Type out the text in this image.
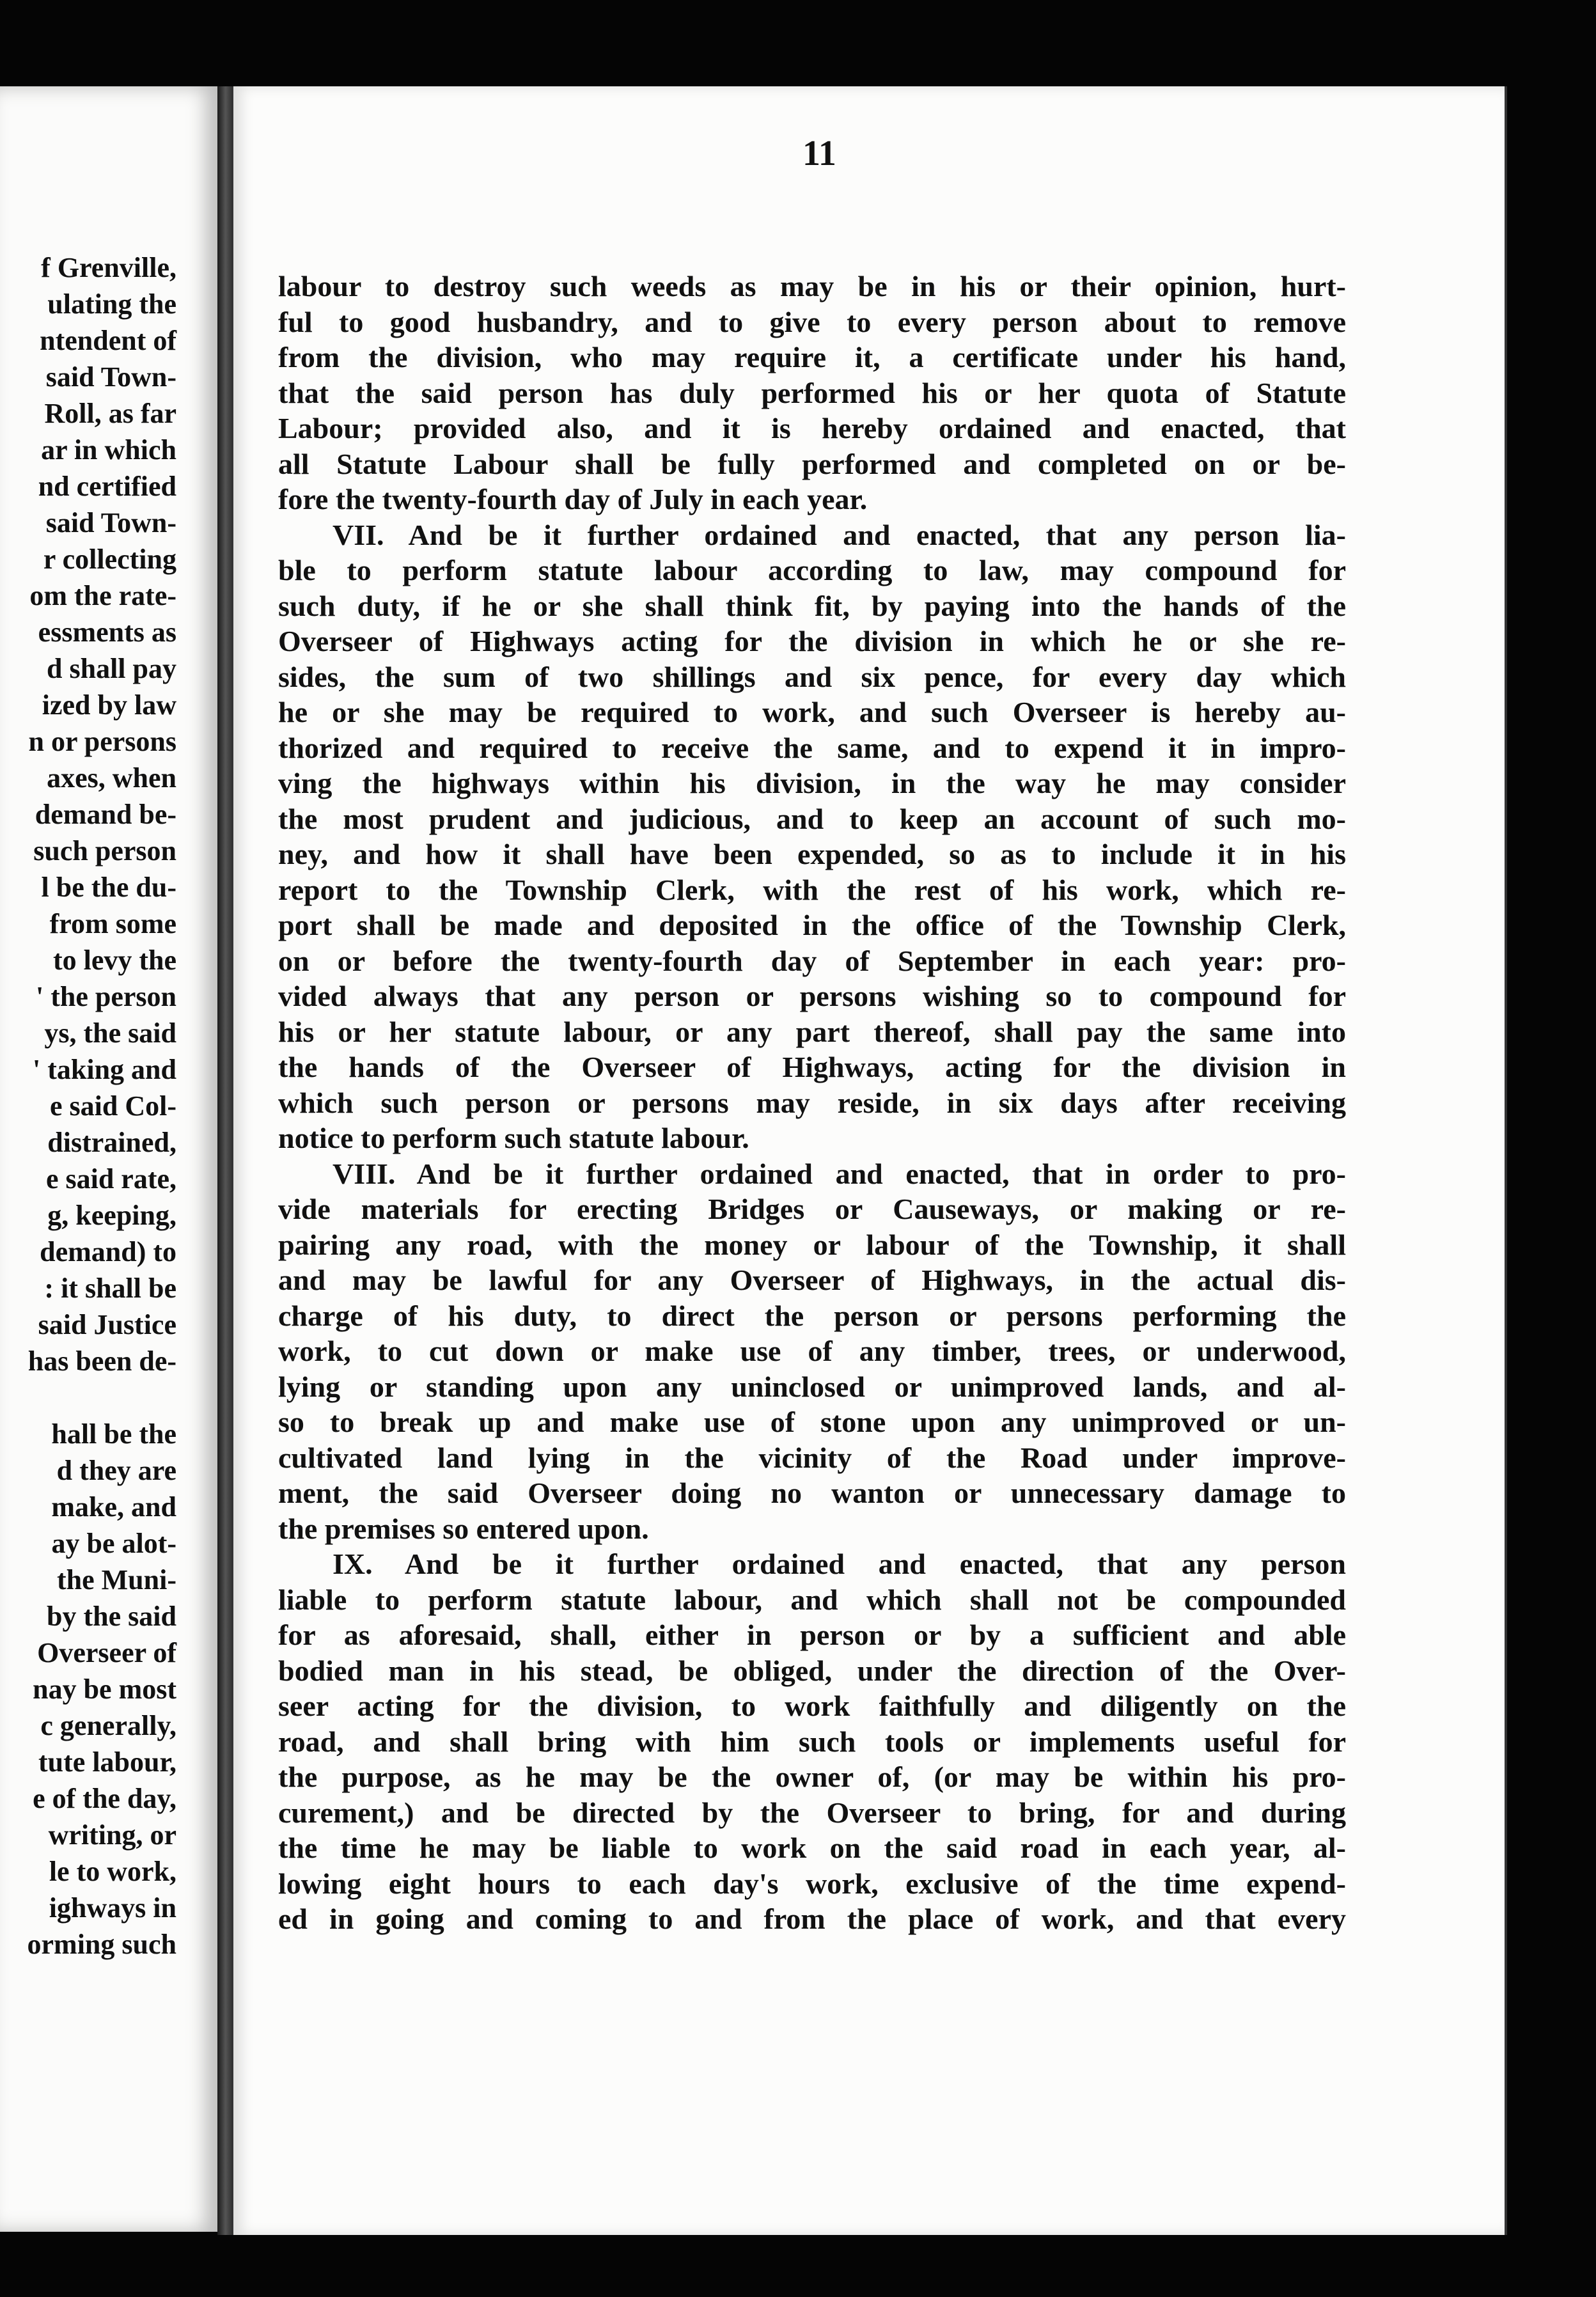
f Grenville,
ulating the
ntendent of
said Town-
Roll, as far
ar in which
nd certified
said Town-
r collecting
om the rate-
essments as
d shall pay
ized by law
n or persons
axes, when
demand be-
such person
l be the du-
from some
to levy the
' the person
ys, the said
' taking and
e said Col-
distrained,
e said rate,
g, keeping,
demand) to
: it shall be
said Justice
has been de-
hall be the
d they are
make, and
ay be alot-
the Muni-
by the said
Overseer of
nay be most
c generally,
tute labour,
e of the day,
writing, or
le to work,
ighways in
orming such
11

labour to destroy such weeds as may be in his or their opinion, hurt-
ful to good husbandry, and to give to every person about to remove
from the division, who may require it, a certificate under his hand,
that the said person has duly performed his or her quota of Statute
Labour; provided also, and it is hereby ordained and enacted, that
all Statute Labour shall be fully performed and completed on or be-
fore the twenty-fourth day of July in each year.

VII. And be it further ordained and enacted, that any person lia-
ble to perform statute labour according to law, may compound for
such duty, if he or she shall think fit, by paying into the hands of the
Overseer of Highways acting for the division in which he or she re-
sides, the sum of two shillings and six pence, for every day which
he or she may be required to work, and such Overseer is hereby au-
thorized and required to receive the same, and to expend it in impro-
ving the highways within his division, in the way he may consider
the most prudent and judicious, and to keep an account of such mo-
ney, and how it shall have been expended, so as to include it in his
report to the Township Clerk, with the rest of his work, which re-
port shall be made and deposited in the office of the Township Clerk,
on or before the twenty-fourth day of September in each year: pro-
vided always that any person or persons wishing so to compound for
his or her statute labour, or any part thereof, shall pay the same into
the hands of the Overseer of Highways, acting for the division in
which such person or persons may reside, in six days after receiving
notice to perform such statute labour.

VIII. And be it further ordained and enacted, that in order to pro-
vide materials for erecting Bridges or Causeways, or making or re-
pairing any road, with the money or labour of the Township, it shall
and may be lawful for any Overseer of Highways, in the actual dis-
charge of his duty, to direct the person or persons performing the
work, to cut down or make use of any timber, trees, or underwood,
lying or standing upon any uninclosed or unimproved lands, and al-
so to break up and make use of stone upon any unimproved or un-
cultivated land lying in the vicinity of the Road under improve-
ment, the said Overseer doing no wanton or unnecessary damage to
the premises so entered upon.

IX. And be it further ordained and enacted, that any person
liable to perform statute labour, and which shall not be compounded
for as aforesaid, shall, either in person or by a sufficient and able
bodied man in his stead, be obliged, under the direction of the Over-
seer acting for the division, to work faithfully and diligently on the
road, and shall bring with him such tools or implements useful for
the purpose, as he may be the owner of, (or may be within his pro-
curement,) and be directed by the Overseer to bring, for and during
the time he may be liable to work on the said road in each year, al-
lowing eight hours to each day's work, exclusive of the time expend-
ed in going and coming to and from the place of work, and that every
